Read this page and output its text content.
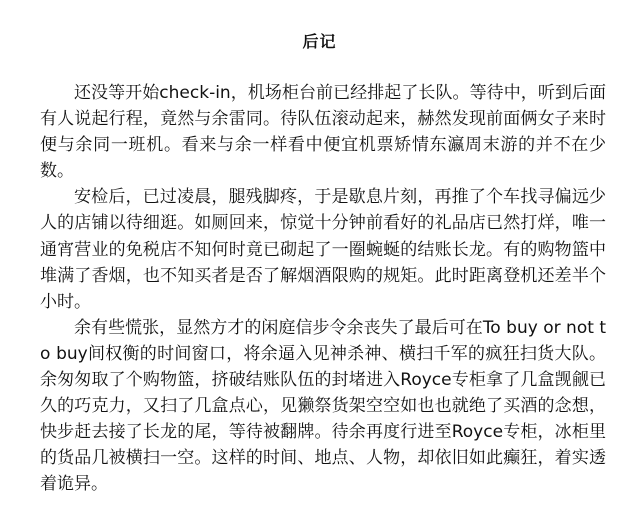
后记

还没等开始check-in，机场柜台前已经排起了长队。等待中，听到后面有人说起行程，竟然与余雷同。待队伍滚动起来，赫然发现前面俩女子来时便与余同一班机。看来与余一样看中便宜机票矫情东瀛周末游的并不在少数。

安检后，已过凌晨，腿残脚疼，于是歇息片刻，再推了个车找寻偏远少人的店铺以待细逛。如厕回来，惊觉十分钟前看好的礼品店已然打烊，唯一通宵营业的免税店不知何时竟已砌起了一圈蜿蜒的结账长龙。有的购物篮中堆满了香烟，也不知买者是否了解烟酒限购的规矩。此时距离登机还差半个小时。

余有些慌张，显然方才的闲庭信步令余丧失了最后可在To buy or not to buy间权衡的时间窗口，将余逼入见神杀神、横扫千军的疯狂扫货大队。余匆匆取了个购物篮，挤破结账队伍的封堵进入Royce专柜拿了几盒觊觎已久的巧克力，又扫了几盒点心，见獭祭货架空空如也也就绝了买酒的念想，快步赶去接了长龙的尾，等待被翻牌。待余再度行进至Royce专柜，冰柜里的货品几被横扫一空。这样的时间、地点、人物，却依旧如此癫狂，着实透着诡异。
